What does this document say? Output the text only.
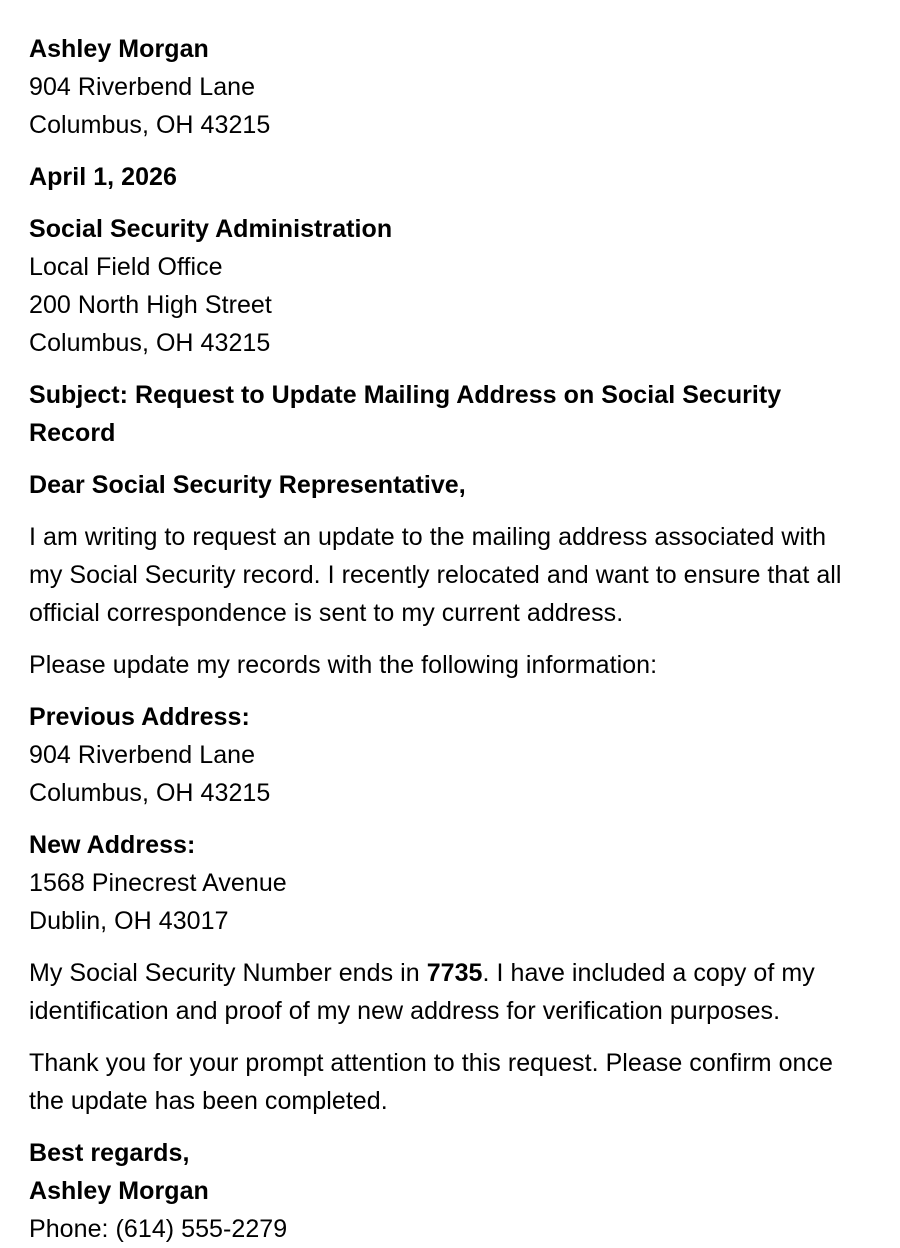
Ashley Morgan
904 Riverbend Lane
Columbus, OH 43215
April 1, 2026
Social Security Administration
Local Field Office
200 North High Street
Columbus, OH 43215
Subject: Request to Update Mailing Address on Social Security Record
Dear Social Security Representative,
I am writing to request an update to the mailing address associated with my Social Security record. I recently relocated and want to ensure that all official correspondence is sent to my current address.
Please update my records with the following information:
Previous Address:
904 Riverbend Lane
Columbus, OH 43215
New Address:
1568 Pinecrest Avenue
Dublin, OH 43017
My Social Security Number ends in 7735. I have included a copy of my identification and proof of my new address for verification purposes.
Thank you for your prompt attention to this request. Please confirm once the update has been completed.
Best regards,
Ashley Morgan
Phone: (614) 555-2279
